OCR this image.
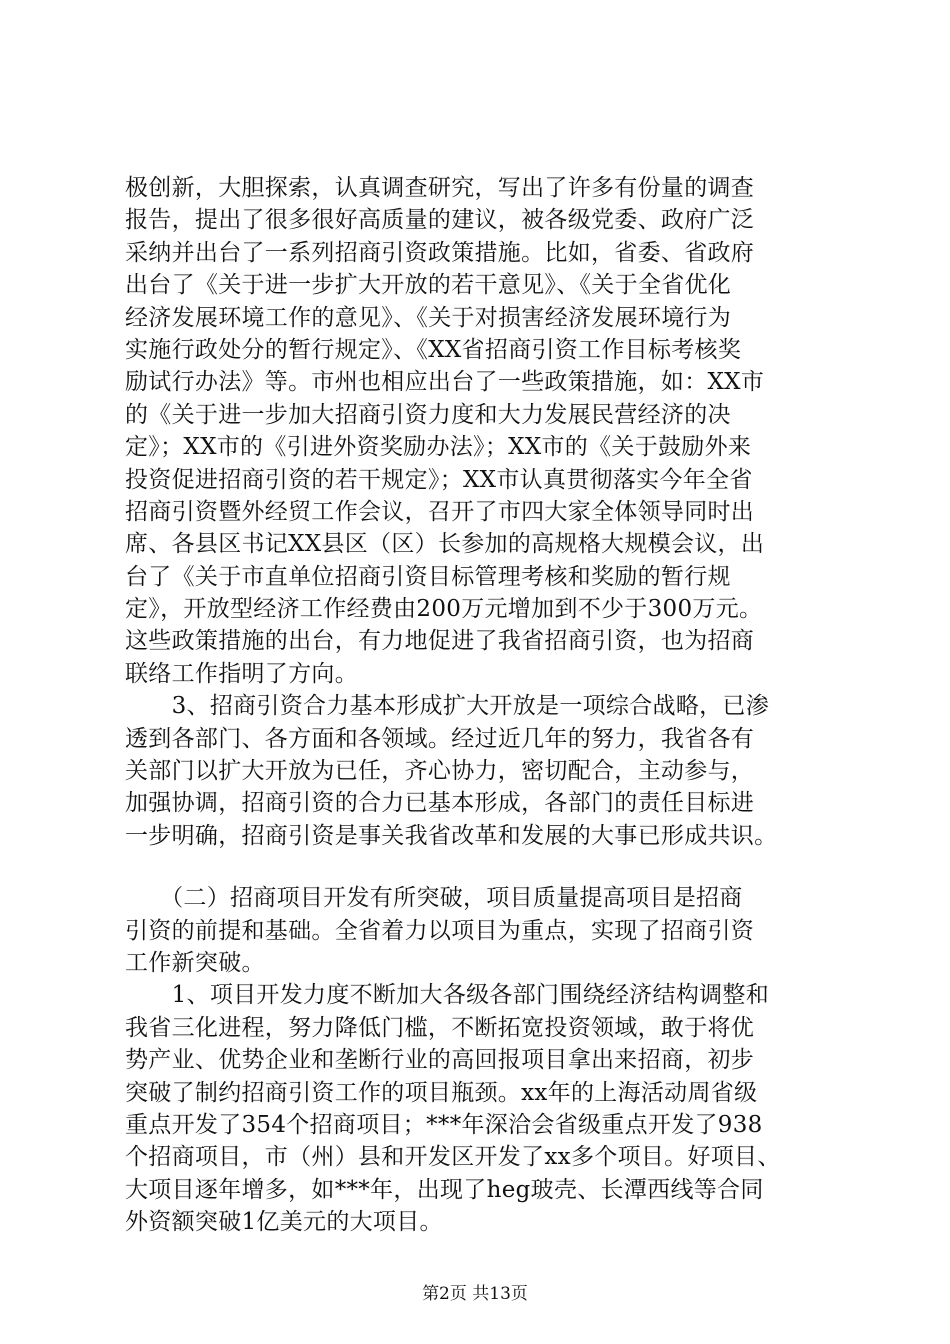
极创新，大胆探索，认真调查研究，写出了许多有份量的调查
报告，提出了很多很好高质量的建议，被各级党委、政府广泛
采纳并出台了一系列招商引资政策措施。比如，省委、省政府
出台了《关于进一步扩大开放的若干意见》、《关于全省优化
经济发展环境工作的意见》、《关于对损害经济发展环境行为
实施行政处分的暂行规定》、《XX省招商引资工作目标考核奖
励试行办法》等。市州也相应出台了一些政策措施，如：XX市
的《关于进一步加大招商引资力度和大力发展民营经济的决
定》；XX市的《引进外资奖励办法》；XX市的《关于鼓励外来
投资促进招商引资的若干规定》；XX市认真贯彻落实今年全省
招商引资暨外经贸工作会议，召开了市四大家全体领导同时出
席、各县区书记XX县区（区）长参加的高规格大规模会议，出
台了《关于市直单位招商引资目标管理考核和奖励的暂行规
定》，开放型经济工作经费由200万元增加到不少于300万元。
这些政策措施的出台，有力地促进了我省招商引资，也为招商
联络工作指明了方向。
　　3、招商引资合力基本形成扩大开放是一项综合战略，已渗
透到各部门、各方面和各领域。经过近几年的努力，我省各有
关部门以扩大开放为已任，齐心协力，密切配合，主动参与，
加强协调，招商引资的合力已基本形成，各部门的责任目标进
一步明确，招商引资是事关我省改革和发展的大事已形成共识。
　　（二）招商项目开发有所突破，项目质量提高项目是招商
引资的前提和基础。全省着力以项目为重点，实现了招商引资
工作新突破。
　　1、项目开发力度不断加大各级各部门围绕经济结构调整和
我省三化进程，努力降低门槛，不断拓宽投资领域，敢于将优
势产业、优势企业和垄断行业的高回报项目拿出来招商，初步
突破了制约招商引资工作的项目瓶颈。xx年的上海活动周省级
重点开发了354个招商项目；***年深洽会省级重点开发了938
个招商项目，市（州）县和开发区开发了xx多个项目。好项目、
大项目逐年增多，如***年，出现了heg玻壳、长潭西线等合同
外资额突破1亿美元的大项目。
第2页 共13页
